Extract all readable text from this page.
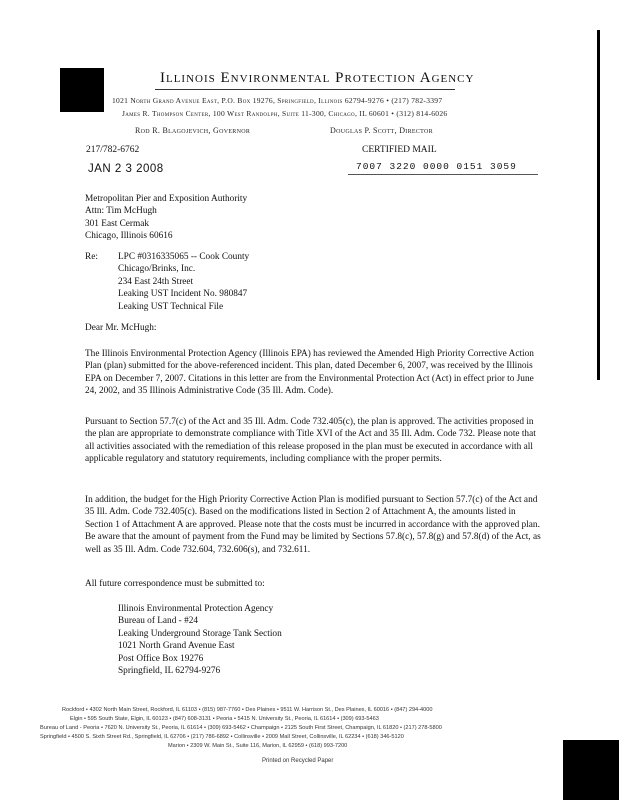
Illinois Environmental Protection Agency
1021 North Grand Avenue East, P.O. Box 19276, Springfield, Illinois 62794-9276 • (217) 782-3397
James R. Thompson Center, 100 West Randolph, Suite 11-300, Chicago, IL 60601 • (312) 814-6026
Rod R. Blagojevich, Governor	Douglas P. Scott, Director
217/782-6762	CERTIFIED MAIL
JAN 2 3 2008	7007 3220 0000 0151 3059
Metropolitan Pier and Exposition Authority
Attn: Tim McHugh
301 East Cermak
Chicago, Illinois 60616
Re: LPC #0316335065 -- Cook County
Chicago/Brinks, Inc.
234 East 24th Street
Leaking UST Incident No. 980847
Leaking UST Technical File
Dear Mr. McHugh:
The Illinois Environmental Protection Agency (Illinois EPA) has reviewed the Amended High Priority Corrective Action Plan (plan) submitted for the above-referenced incident. This plan, dated December 6, 2007, was received by the Illinois EPA on December 7, 2007. Citations in this letter are from the Environmental Protection Act (Act) in effect prior to June 24, 2002, and 35 Illinois Administrative Code (35 Ill. Adm. Code).
Pursuant to Section 57.7(c) of the Act and 35 Ill. Adm. Code 732.405(c), the plan is approved. The activities proposed in the plan are appropriate to demonstrate compliance with Title XVI of the Act and 35 Ill. Adm. Code 732. Please note that all activities associated with the remediation of this release proposed in the plan must be executed in accordance with all applicable regulatory and statutory requirements, including compliance with the proper permits.
In addition, the budget for the High Priority Corrective Action Plan is modified pursuant to Section 57.7(c) of the Act and 35 Ill. Adm. Code 732.405(c). Based on the modifications listed in Section 2 of Attachment A, the amounts listed in Section 1 of Attachment A are approved. Please note that the costs must be incurred in accordance with the approved plan. Be aware that the amount of payment from the Fund may be limited by Sections 57.8(c), 57.8(g) and 57.8(d) of the Act, as well as 35 Ill. Adm. Code 732.604, 732.606(s), and 732.611.
All future correspondence must be submitted to:
Illinois Environmental Protection Agency
Bureau of Land - #24
Leaking Underground Storage Tank Section
1021 North Grand Avenue East
Post Office Box 19276
Springfield, IL 62794-9276
Rockford • 4302 North Main Street, Rockford, IL 61103 • (815) 987-7760 • Des Plaines • 9511 W. Harrison St., Des Plaines, IL 60016 • (847) 294-4000
Elgin • 595 South State, Elgin, IL 60123 • (847) 608-3131 • Peoria • 5415 N. University St., Peoria, IL 61614 • (309) 693-5463
Bureau of Land - Peoria • 7620 N. University St., Peoria, IL 61614 • (309) 693-5462 • Champaign • 2125 South First Street, Champaign, IL 61820 • (217) 278-5800
Springfield • 4500 S. Sixth Street Rd., Springfield, IL 62706 • (217) 786-6892 • Collinsville • 2009 Mall Street, Collinsville, IL 62234 • (618) 346-5120
Marion • 2309 W. Main St., Suite 116, Marion, IL 62959 • (618) 993-7200
Printed on Recycled Paper
